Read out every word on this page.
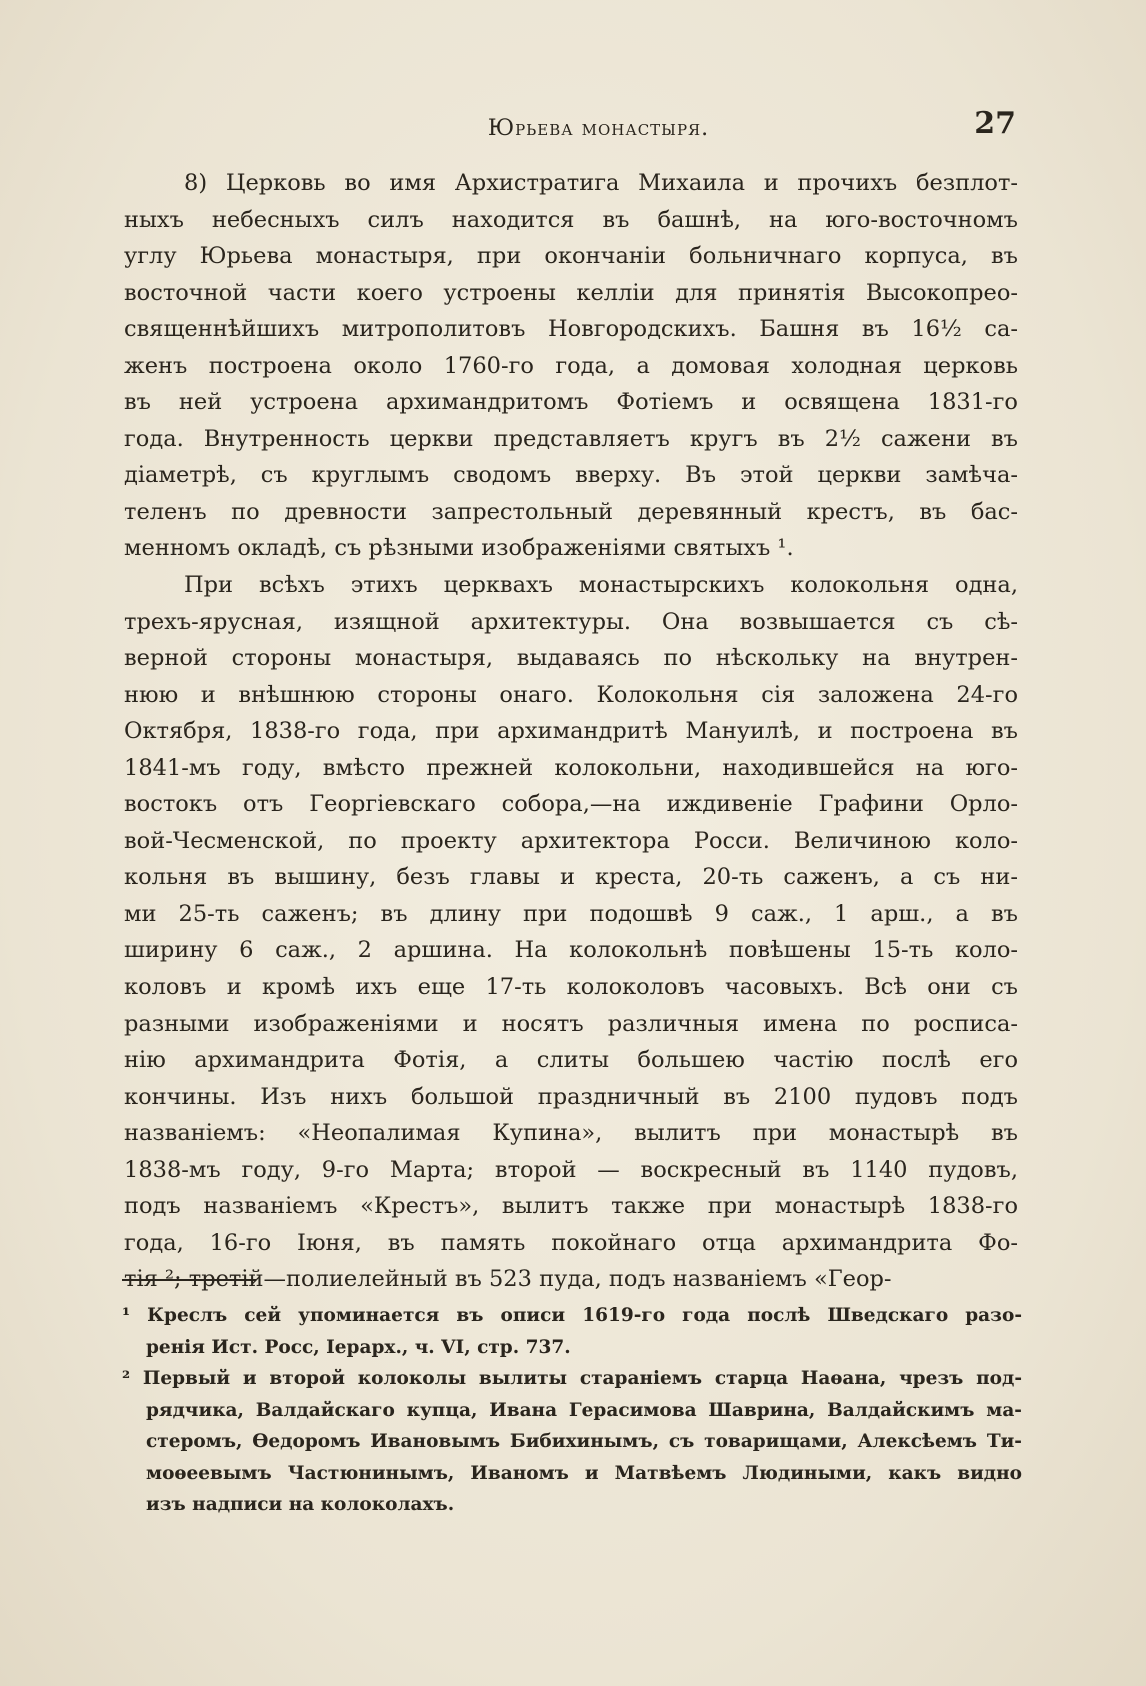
Юрьева монастыря.	27
8) Церковь во имя Архистратига Михаила и прочихъ безплот-
ныхъ небесныхъ силъ находится въ башнѣ, на юго-восточномъ
углу Юрьева монастыря, при окончаніи больничнаго корпуса, въ
восточной части коего устроены келліи для принятія Высокопрео-
священнѣйшихъ митрополитовъ Новгородскихъ. Башня въ 16½ са-
женъ построена около 1760-го года, а домовая холодная церковь
въ ней устроена архимандритомъ Фотіемъ и освящена 1831-го
года. Внутренность церкви представляетъ кругъ въ 2½ сажени въ
діаметрѣ, съ круглымъ сводомъ вверху. Въ этой церкви замѣча-
теленъ по древности запрестольный деревянный крестъ, въ бас-
менномъ окладѣ, съ рѣзными изображеніями святыхъ ¹.
При всѣхъ этихъ церквахъ монастырскихъ колокольня одна,
трехъ-ярусная, изящной архитектуры. Она возвышается съ сѣ-
верной стороны монастыря, выдаваясь по нѣскольку на внутрен-
нюю и внѣшнюю стороны онаго. Колокольня сія заложена 24-го
Октября, 1838-го года, при архимандритѣ Мануилѣ, и построена въ
1841-мъ году, вмѣсто прежней колокольни, находившейся на юго-
востокъ отъ Георгіевскаго собора,—на иждивеніе Графини Орло-
вой-Чесменской, по проекту архитектора Росси. Величиною коло-
кольня въ вышину, безъ главы и креста, 20-ть саженъ, а съ ни-
ми 25-ть саженъ; въ длину при подошвѣ 9 саж., 1 арш., а въ
ширину 6 саж., 2 аршина. На колокольнѣ повѣшены 15-ть коло-
коловъ и кромѣ ихъ еще 17-ть колоколовъ часовыхъ. Всѣ они съ
разными изображеніями и носятъ различныя имена по росписа-
нію архимандрита Фотія, а слиты большею частію послѣ его
кончины. Изъ нихъ большой праздничный въ 2100 пудовъ подъ
названіемъ: «Неопалимая Купина», вылитъ при монастырѣ въ
1838-мъ году, 9-го Марта; второй — воскресный въ 1140 пудовъ,
подъ названіемъ «Крестъ», вылитъ также при монастырѣ 1838-го
года, 16-го Іюня, въ память покойнаго отца архимандрита Фо-
тія ²; третій—полиелейный въ 523 пуда, подъ названіемъ «Геор-
¹ Креслъ сей упоминается въ описи 1619-го года послѣ Шведскаго разо-
ренія Ист. Росс, Іерарх., ч. VI, стр. 737.
² Первый и второй колоколы вылиты стараніемъ старца Наѳана, чрезъ под-
рядчика, Валдайскаго купца, Ивана Герасимова Шаврина, Валдайскимъ ма-
стеромъ, Ѳедоромъ Ивановымъ Бибихинымъ, съ товарищами, Алексѣемъ Ти-
моѳеевымъ Частюнинымъ, Иваномъ и Матвѣемъ Людиными, какъ видно
изъ надписи на колоколахъ.
